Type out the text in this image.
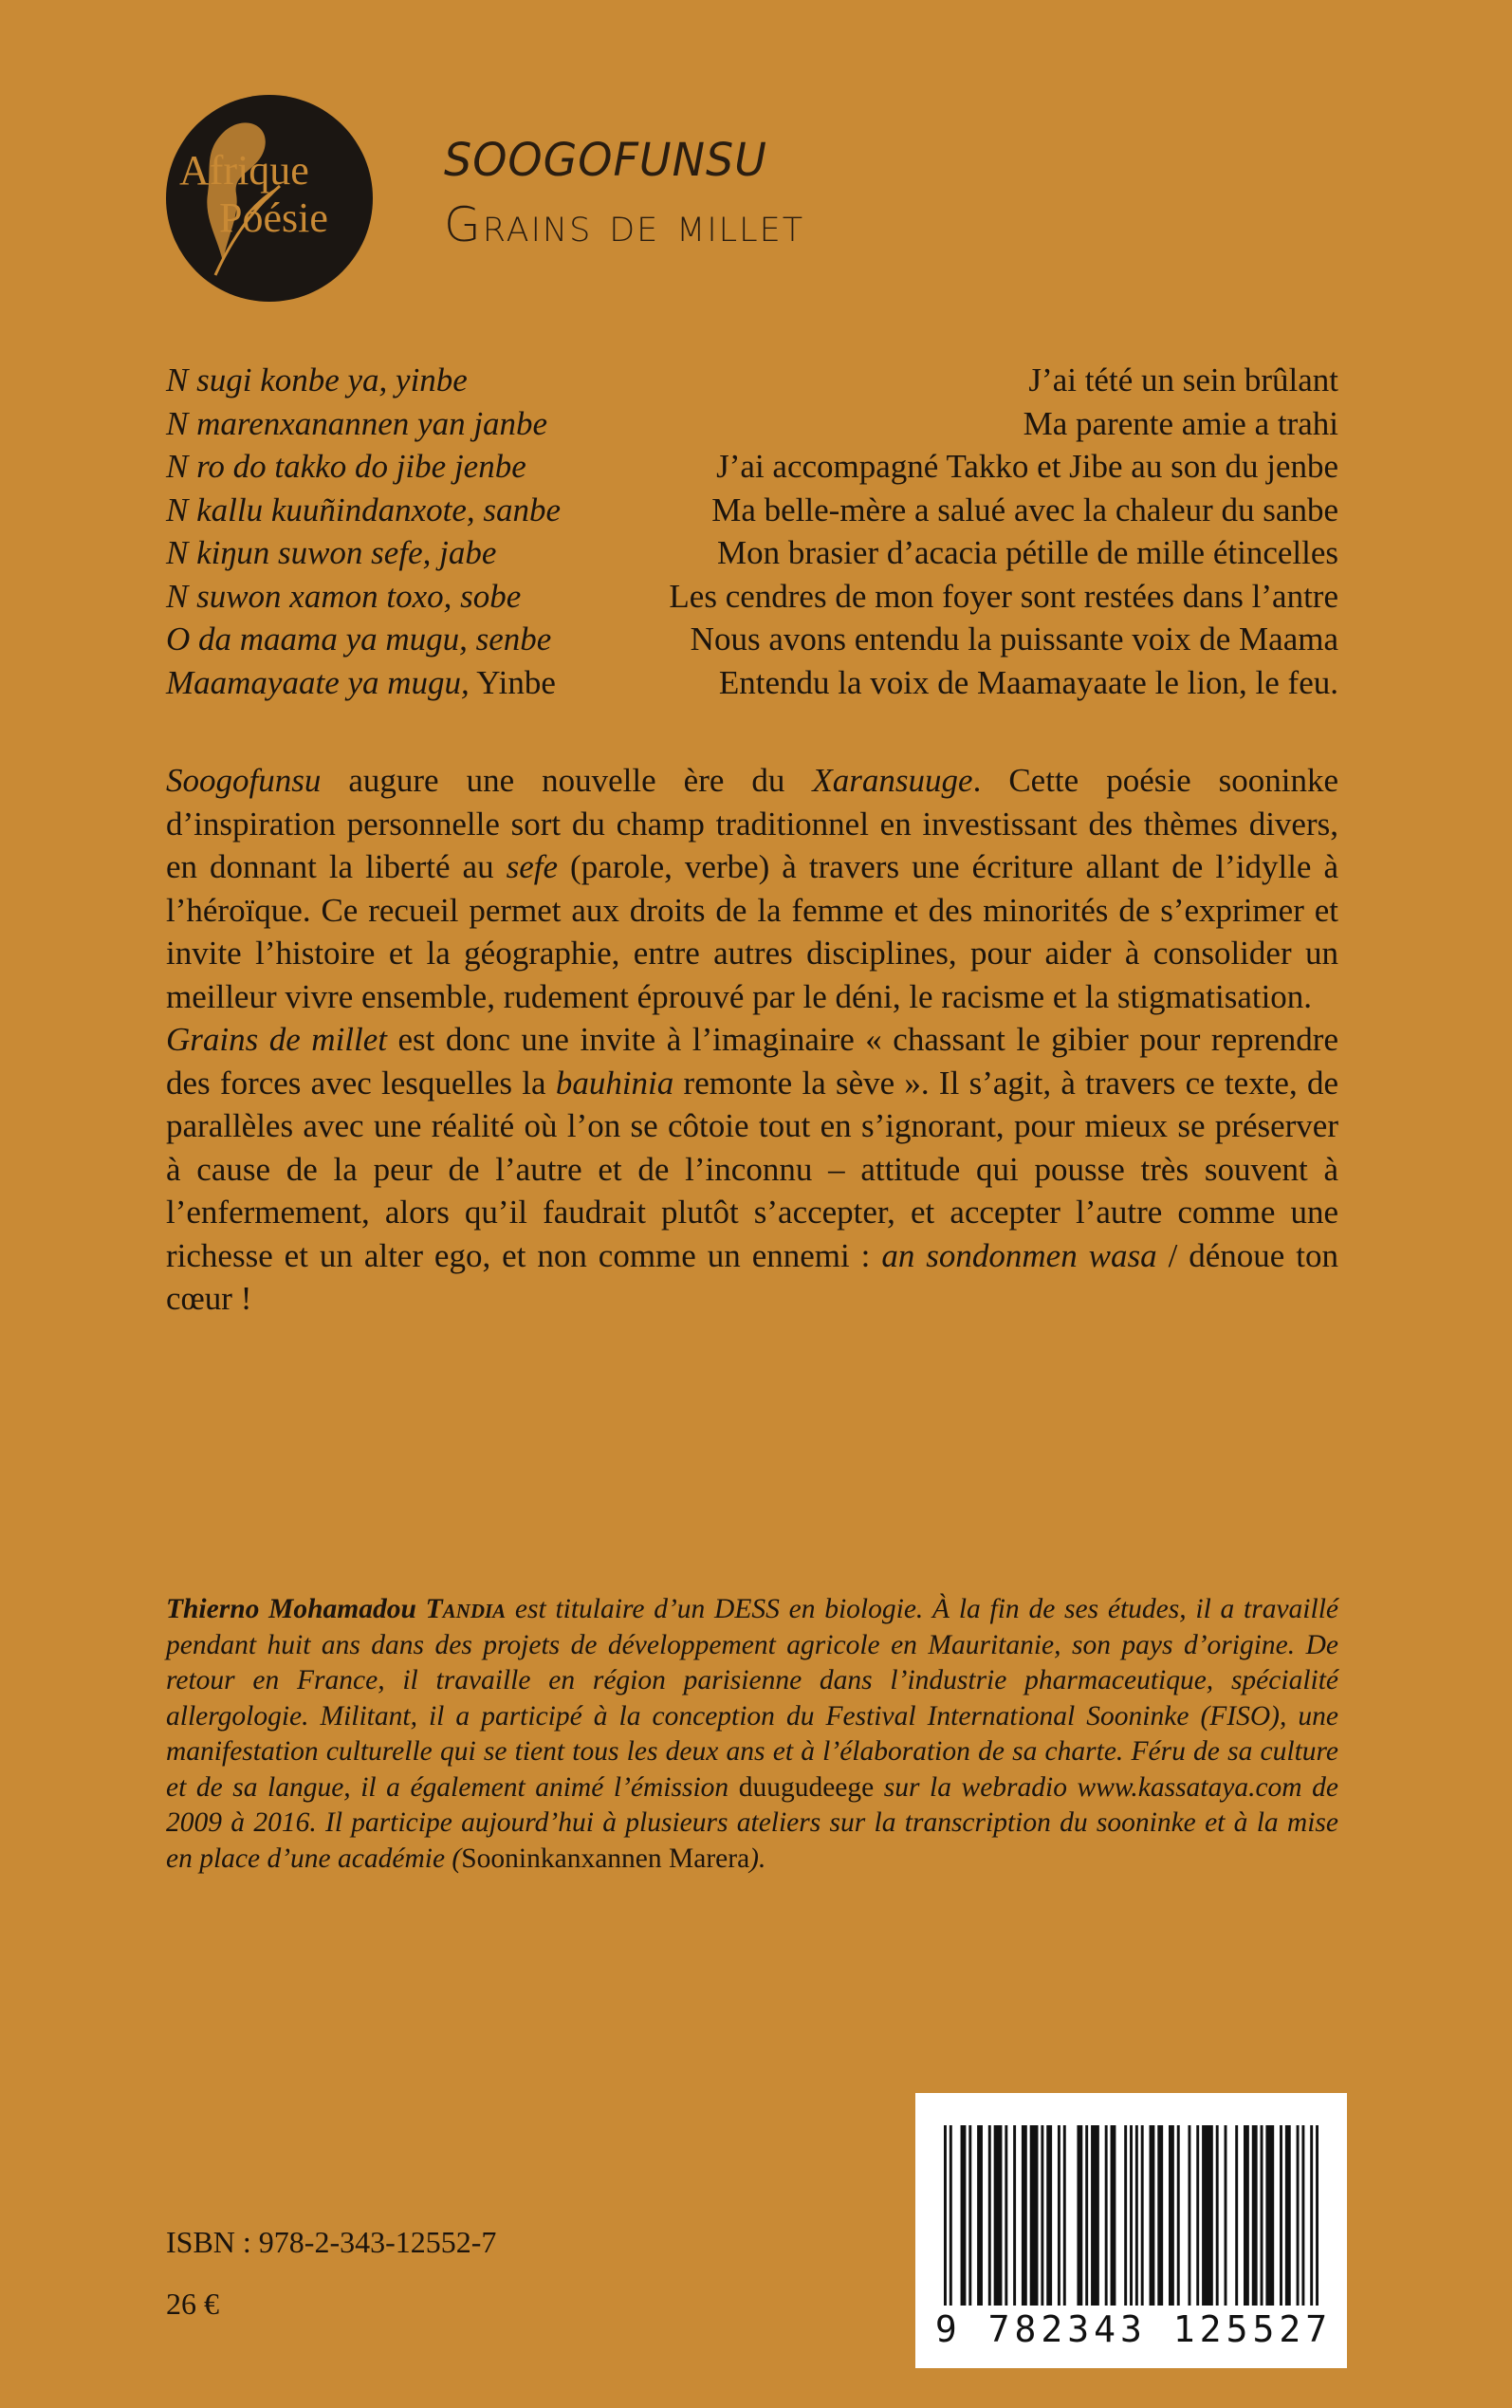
Afrique
Poésie
SOOGOFUNSU
Grains de millet
N sugi konbe ya, yinbe	J’ai tété un sein brûlant
N marenxanannen yan janbe	Ma parente amie a trahi
N ro do takko do jibe jenbe	J’ai accompagné Takko et Jibe au son du jenbe
N kallu kuuñindanxote, sanbe	Ma belle-mère a salué avec la chaleur du sanbe
N kiŋun suwon sefe, jabe	Mon brasier d’acacia pétille de mille étincelles
N suwon xamon toxo, sobe	Les cendres de mon foyer sont restées dans l’antre
O da maama ya mugu, senbe	Nous avons entendu la puissante voix de Maama
Maamayaate ya mugu, Yinbe	Entendu la voix de Maamayaate le lion, le feu.

Soogofunsu augure une nouvelle ère du Xaransuuge. Cette poésie sooninke d’inspiration personnelle sort du champ traditionnel en investissant des thèmes divers, en donnant la liberté au sefe (parole, verbe) à travers une écriture allant de l’idylle à l’héroïque. Ce recueil permet aux droits de la femme et des minorités de s’exprimer et invite l’histoire et la géographie, entre autres disciplines, pour aider à consolider un meilleur vivre ensemble, rudement éprouvé par le déni, le racisme et la stigmatisation.

Grains de millet est donc une invite à l’imaginaire « chassant le gibier pour reprendre des forces avec lesquelles la bauhinia remonte la sève ». Il s’agit, à travers ce texte, de parallèles avec une réalité où l’on se côtoie tout en s’ignorant, pour mieux se préserver à cause de la peur de l’autre et de l’inconnu – attitude qui pousse très souvent à l’enfermement, alors qu’il faudrait plutôt s’accepter, et accepter l’autre comme une richesse et un alter ego, et non comme un ennemi : an sondonmen wasa / dénoue ton cœur !

Thierno Mohamadou Tandia est titulaire d’un DESS en biologie. À la fin de ses études, il a travaillé pendant huit ans dans des projets de développement agricole en Mauritanie, son pays d’origine. De retour en France, il travaille en région parisienne dans l’industrie pharmaceutique, spécialité allergologie. Militant, il a participé à la conception du Festival International Sooninke (FISO), une manifestation culturelle qui se tient tous les deux ans et à l’élaboration de sa charte. Féru de sa culture et de sa langue, il a également animé l’émission duugudeege sur la webradio www.kassataya.com de 2009 à 2016. Il participe aujourd’hui à plusieurs ateliers sur la transcription du sooninke et à la mise en place d’une académie (Sooninkanxannen Marera).

ISBN : 978-2-343-12552-7
26 €
9 782343 125527
